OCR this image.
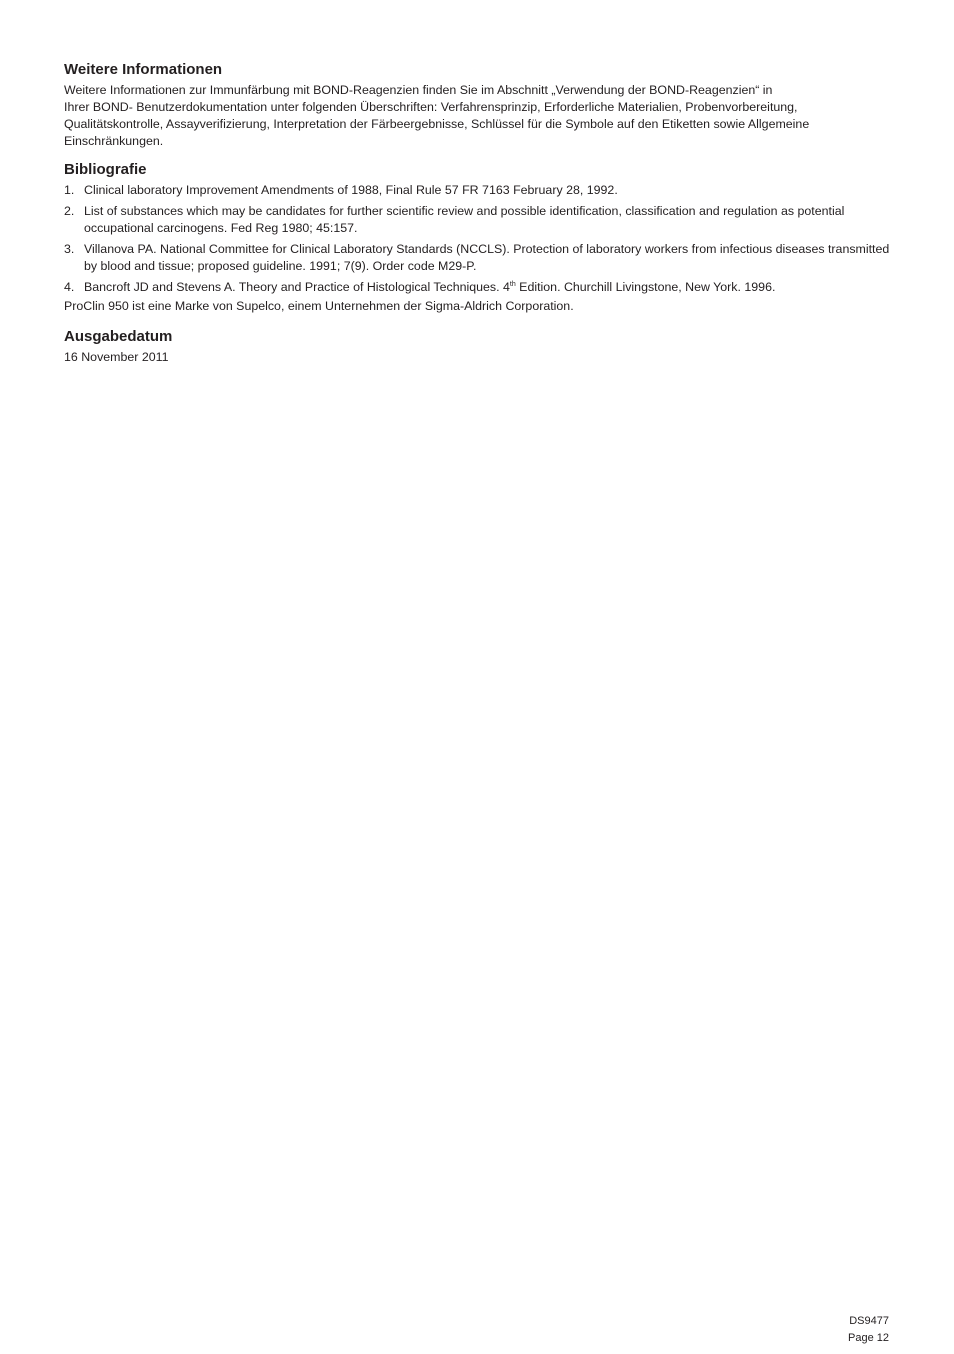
Weitere Informationen

Weitere Informationen zur Immunfärbung mit BOND-Reagenzien finden Sie im Abschnitt „Verwendung der BOND-Reagenzien“ in
Ihrer BOND- Benutzerdokumentation unter folgenden Überschriften: Verfahrensprinzip, Erforderliche Materialien, Probenvorbereitung,
Qualitätskontrolle, Assayverifizierung, Interpretation der Färbeergebnisse, Schlüssel für die Symbole auf den Etiketten sowie Allgemeine
Einschränkungen.

Bibliografie
1. Clinical laboratory Improvement Amendments of 1988, Final Rule 57 FR 7163 February 28, 1992.
2. List of substances which may be candidates for further scientific review and possible identification, classification and regulation as potential occupational carcinogens. Fed Reg 1980; 45:157.
3. Villanova PA. National Committee for Clinical Laboratory Standards (NCCLS). Protection of laboratory workers from infectious diseases transmitted by blood and tissue; proposed guideline. 1991; 7(9). Order code M29-P.
4. Bancroft JD and Stevens A. Theory and Practice of Histological Techniques. 4th Edition. Churchill Livingstone, New York. 1996.

ProClin 950 ist eine Marke von Supelco, einem Unternehmen der Sigma-Aldrich Corporation.

Ausgabedatum

16 November 2011

DS9477
Page 12
